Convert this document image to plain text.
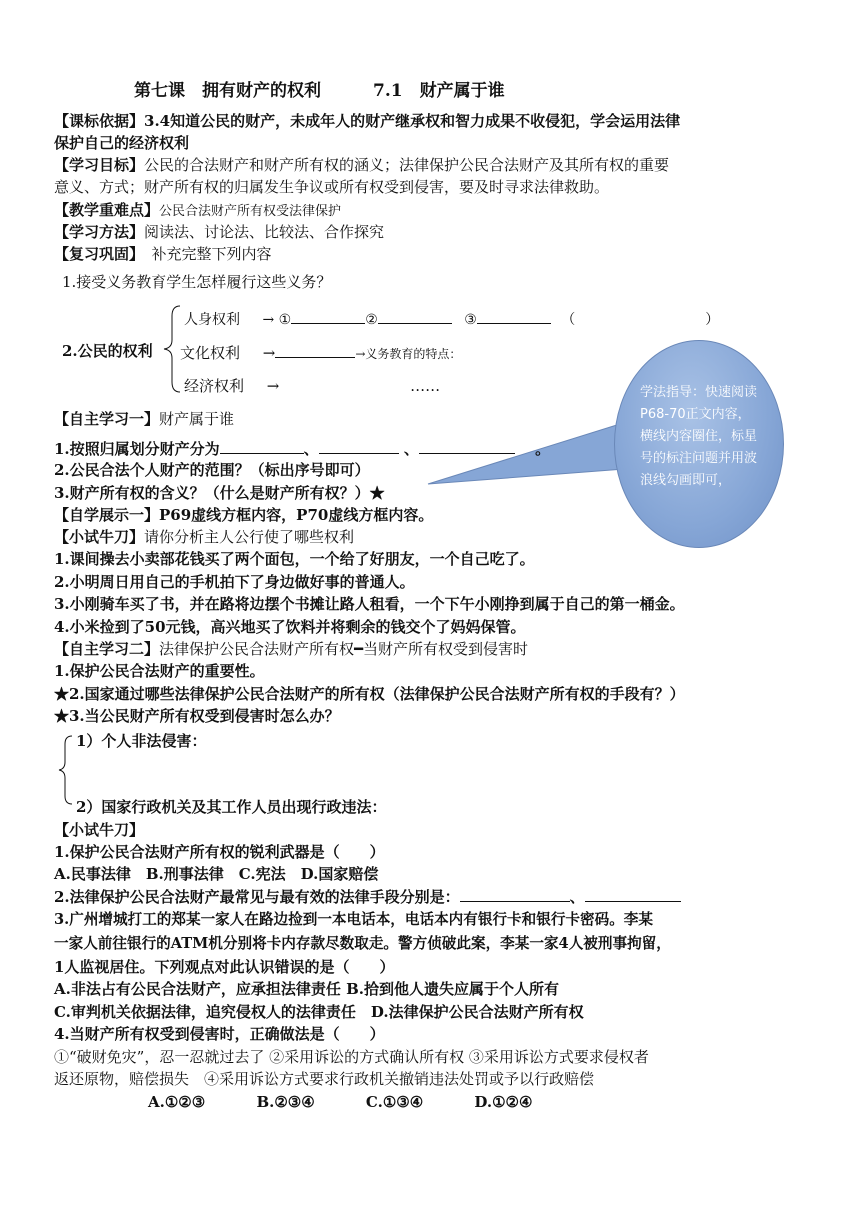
第七课　拥有财产的权利	7.1　财产属于谁
【课标依据】3.4知道公民的财产，未成年人的财产继承权和智力成果不收侵犯，学会运用法律
保护自己的经济权利
【学习目标】公民的合法财产和财产所有权的涵义；法律保护公民合法财产及其所有权的重要
意义、方式；财产所有权的归属发生争议或所有权受到侵害，要及时寻求法律救助。
【教学重难点】公民合法财产所有权受法律保护
【学习方法】阅读法、讨论法、比较法、合作探究
【复习巩固】　补充完整下列内容
1.接受义务教育学生怎样履行这些义务？
2.公民的权利
人身权利 → ①	②	③	（	）
文化权利 →	→义务教育的特点：
经济权利 →	……	学法指导：快速阅读P68-70正文内容，横线内容圈住，标星号的标注问题并用波浪线勾画即可，
【自主学习一】财产属于谁
1.按照归属划分财产分为	、	、　	。
2.公民合法个人财产的范围？（标出序号即可）
3.财产所有权的含义？（什么是财产所有权？）★
【自学展示一】P69虚线方框内容，P70虚线方框内容。
【小试牛刀】请你分析主人公行使了哪些权利
1.课间操去小卖部花钱买了两个面包，一个给了好朋友，一个自己吃了。
2.小明周日用自己的手机拍下了身边做好事的普通人。
3.小刚骑车买了书，并在路将边摆个书摊让路人租看，一个下午小刚挣到属于自己的第一桶金。
4.小米捡到了50元钱，高兴地买了饮料并将剩余的钱交个了妈妈保管。
【自主学习二】法律保护公民合法财产所有权━当财产所有权受到侵害时
1.保护公民合法财产的重要性。
★2.国家通过哪些法律保护公民合法财产的所有权（法律保护公民合法财产所有权的手段有？）
★3.当公民财产所有权受到侵害时怎么办？
1）个人非法侵害：
2）国家行政机关及其工作人员出现行政违法：
【小试牛刀】
1.保护公民合法财产所有权的锐利武器是（　　）
A.民事法律　B.刑事法律　C.宪法　D.国家赔偿
2.法律保护公民合法财产最常见与最有效的法律手段分别是：	、
3.广州增城打工的郑某一家人在路边捡到一本电话本，电话本内有银行卡和银行卡密码。李某
一家人前往银行的ATM机分别将卡内存款尽数取走。警方侦破此案，李某一家4人被刑事拘留，
1人监视居住。下列观点对此认识错误的是（　　）
A.非法占有公民合法财产，应承担法律责任 B.拾到他人遗失应属于个人所有
C.审判机关依据法律，追究侵权人的法律责任　D.法律保护公民合法财产所有权
4.当财产所有权受到侵害时，正确做法是（　　）
①“破财免灾”，忍一忍就过去了 ②采用诉讼的方式确认所有权 ③采用诉讼方式要求侵权者
返还原物，赔偿损失　④采用诉讼方式要求行政机关撤销违法处罚或予以行政赔偿
A.①②③	B.②③④	C.①③④	D.①②④
